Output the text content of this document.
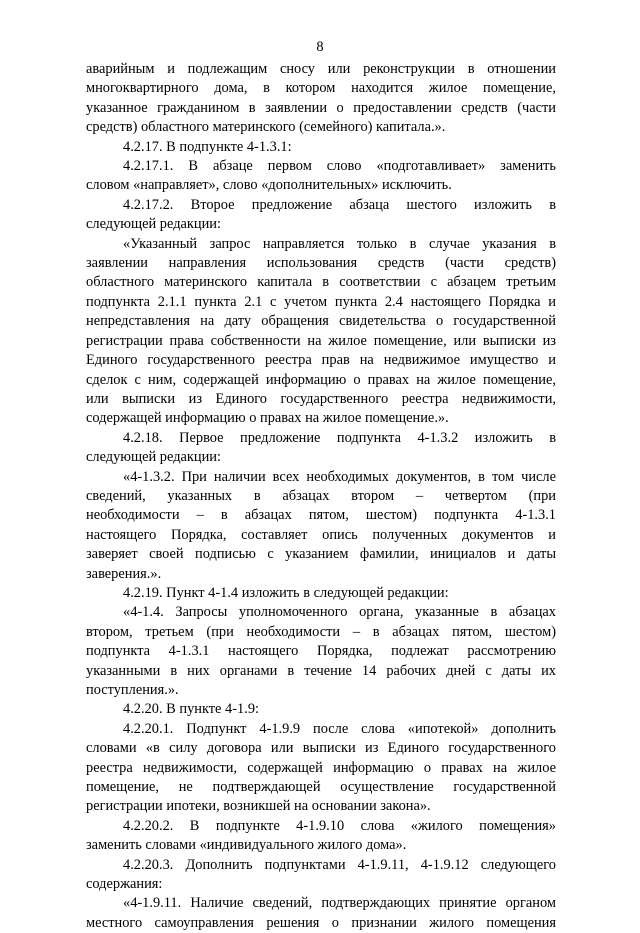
8
аварийным и подлежащим сносу или реконструкции в отношении
многоквартирного дома, в котором находится жилое помещение,
указанное гражданином в заявлении о предоставлении средств (части
средств) областного материнского (семейного) капитала.».
4.2.17. В подпункте 4-1.3.1:
4.2.17.1. В абзаце первом слово «подготавливает» заменить
словом «направляет», слово «дополнительных» исключить.
4.2.17.2. Второе предложение абзаца шестого изложить в
следующей редакции:
«Указанный запрос направляется только в случае указания в
заявлении направления использования средств (части средств)
областного материнского капитала в соответствии с абзацем третьим
подпункта 2.1.1 пункта 2.1 с учетом пункта 2.4 настоящего Порядка и
непредставления на дату обращения свидетельства о государственной
регистрации права собственности на жилое помещение, или выписки из
Единого государственного реестра прав на недвижимое имущество и
сделок с ним, содержащей информацию о правах на жилое помещение,
или выписки из Единого государственного реестра недвижимости,
содержащей информацию о правах на жилое помещение.».
4.2.18. Первое предложение подпункта 4-1.3.2 изложить в
следующей редакции:
«4-1.3.2. При наличии всех необходимых документов, в том числе
сведений, указанных в абзацах втором – четвертом (при
необходимости – в абзацах пятом, шестом) подпункта 4-1.3.1
настоящего Порядка, составляет опись полученных документов и
заверяет своей подписью с указанием фамилии, инициалов и даты
заверения.».
4.2.19. Пункт 4-1.4 изложить в следующей редакции:
«4-1.4. Запросы уполномоченного органа, указанные в абзацах
втором, третьем (при необходимости – в абзацах пятом, шестом)
подпункта 4-1.3.1 настоящего Порядка, подлежат рассмотрению
указанными в них органами в течение 14 рабочих дней с даты их
поступления.».
4.2.20. В пункте 4-1.9:
4.2.20.1. Подпункт 4-1.9.9 после слова «ипотекой» дополнить
словами «в силу договора или выписки из Единого государственного
реестра недвижимости, содержащей информацию о правах на жилое
помещение, не подтверждающей осуществление государственной
регистрации ипотеки, возникшей на основании закона».
4.2.20.2. В подпункте 4-1.9.10 слова «жилого помещения»
заменить словами «индивидуального жилого дома».
4.2.20.3. Дополнить подпунктами 4-1.9.11, 4-1.9.12 следующего
содержания:
«4-1.9.11. Наличие сведений, подтверждающих принятие органом
местного самоуправления решения о признании жилого помещения
